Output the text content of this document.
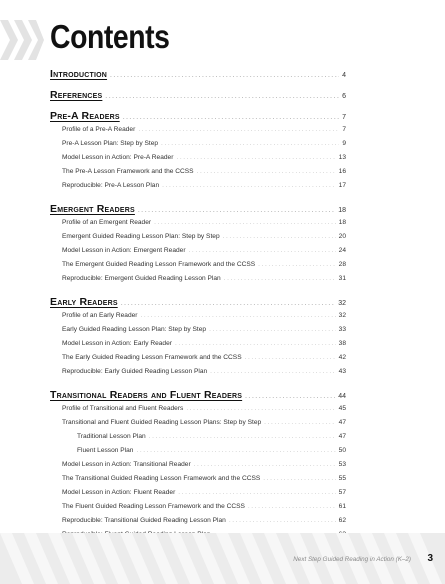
Contents
Introduction .....	4
References .....	6
Pre-A Readers .....	7
Profile of a Pre-A Reader .....	7
Pre-A Lesson Plan: Step by Step .....	9
Model Lesson in Action: Pre-A Reader .....	13
The Pre-A Lesson Framework and the CCSS .....	16
Reproducible: Pre-A Lesson Plan .....	17
Emergent Readers .....	18
Profile of an Emergent Reader .....	18
Emergent Guided Reading Lesson Plan: Step by Step .....	20
Model Lesson in Action: Emergent Reader .....	24
The Emergent Guided Reading Lesson Framework and the CCSS .....	28
Reproducible: Emergent Guided Reading Lesson Plan .....	31
Early Readers .....	32
Profile of an Early Reader .....	32
Early Guided Reading Lesson Plan: Step by Step .....	33
Model Lesson in Action: Early Reader .....	38
The Early Guided Reading Lesson Framework and the CCSS .....	42
Reproducible: Early Guided Reading Lesson Plan .....	43
Transitional Readers and Fluent Readers .....	44
Profile of Transitional and Fluent Readers .....	45
Transitional and Fluent Guided Reading Lesson Plans: Step by Step .....	47
Traditional Lesson Plan .....	47
Fluent Lesson Plan .....	50
Model Lesson in Action: Transitional Reader .....	53
The Transitional Guided Reading Lesson Framework and the CCSS .....	55
Model Lesson in Action: Fluent Reader .....	57
The Fluent Guided Reading Lesson Framework and the CCSS .....	61
Reproducible: Transitional Guided Reading Lesson Plan .....	62
.....
Next Step Guided Reading in Action (K–2) 3
